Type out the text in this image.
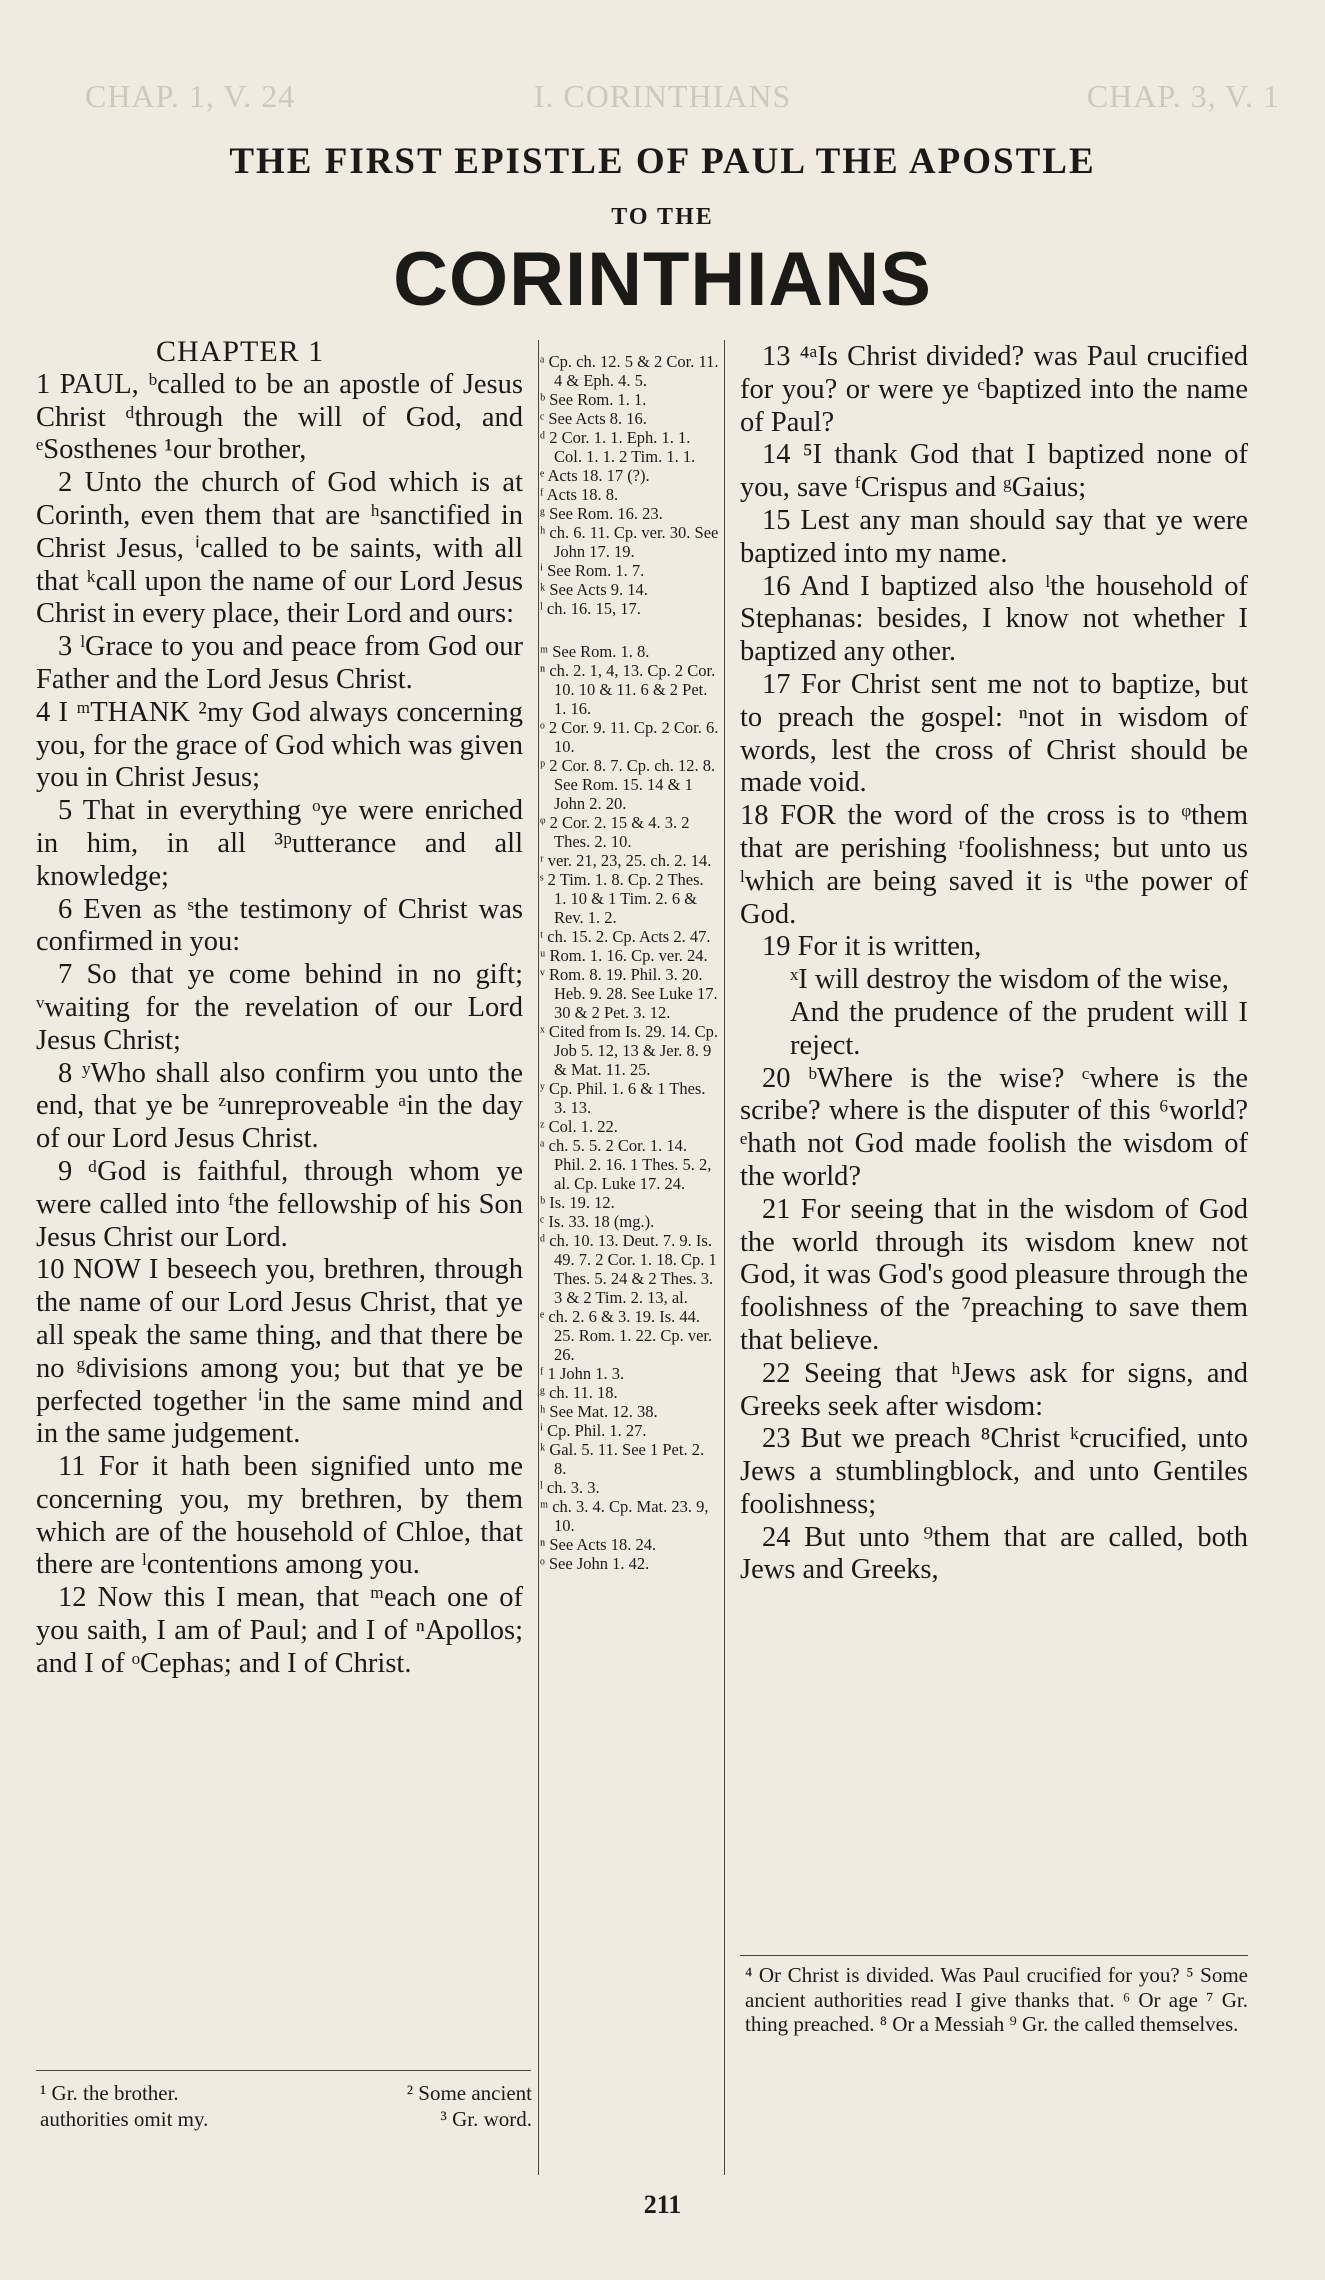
CHAP. 1, V. 24	I. CORINTHIANS	CHAP. 3, V. 1
THE FIRST EPISTLE OF PAUL THE APOSTLE
TO THE
CORINTHIANS

CHAPTER 1

1 PAUL, ᵇcalled to be an apostle of Jesus Christ ᵈthrough the will of God, and ᵉSosthenes ¹our brother,

2 Unto the church of God which is at Corinth, even them that are ʰsanctified in Christ Jesus, ⁱcalled to be saints, with all that ᵏcall upon the name of our Lord Jesus Christ in every place, their Lord and ours:

3 ˡGrace to you and peace from God our Father and the Lord Jesus Christ.

4 I ᵐTHANK ²my God always concerning you, for the grace of God which was given you in Christ Jesus;

5 That in everything ᵒye were enriched in him, in all ³ᵖutterance and all knowledge;

6 Even as ˢthe testimony of Christ was confirmed in you:

7 So that ye come behind in no gift; ᵛwaiting for the revelation of our Lord Jesus Christ;

8 ʸWho shall also confirm you unto the end, that ye be ᶻunreproveable ᵃin the day of our Lord Jesus Christ.

9 ᵈGod is faithful, through whom ye were called into ᶠthe fellowship of his Son Jesus Christ our Lord.

10 NOW I beseech you, brethren, through the name of our Lord Jesus Christ, that ye all speak the same thing, and that there be no ᵍdivisions among you; but that ye be perfected together ⁱin the same mind and in the same judgement.

11 For it hath been signified unto me concerning you, my brethren, by them which are of the household of Chloe, that there are ˡcontentions among you.

12 Now this I mean, that ᵐeach one of you saith, I am of Paul; and I of ⁿApollos; and I of ᵒCephas; and I of Christ.

ᵃ Cp. ch. 12. 5 & 2 Cor. 11. 4 & Eph. 4. 5.

ᵇ See Rom. 1. 1.

ᶜ See Acts 8. 16.

ᵈ 2 Cor. 1. 1. Eph. 1. 1. Col. 1. 1. 2 Tim. 1. 1.

ᵉ Acts 18. 17 (?).

ᶠ Acts 18. 8.

ᵍ See Rom. 16. 23.

ʰ ch. 6. 11. Cp. ver. 30. See John 17. 19.

ⁱ See Rom. 1. 7.

ᵏ See Acts 9. 14.

ˡ ch. 16. 15, 17.

ᵐ See Rom. 1. 8.

ⁿ ch. 2. 1, 4, 13. Cp. 2 Cor. 10. 10 & 11. 6 & 2 Pet. 1. 16.

ᵒ 2 Cor. 9. 11. Cp. 2 Cor. 6. 10.

ᵖ 2 Cor. 8. 7. Cp. ch. 12. 8. See Rom. 15. 14 & 1 John 2. 20.

ᵠ 2 Cor. 2. 15 & 4. 3. 2 Thes. 2. 10.

ʳ ver. 21, 23, 25. ch. 2. 14.

ˢ 2 Tim. 1. 8. Cp. 2 Thes. 1. 10 & 1 Tim. 2. 6 & Rev. 1. 2.

ᵗ ch. 15. 2. Cp. Acts 2. 47.

ᵘ Rom. 1. 16. Cp. ver. 24.

ᵛ Rom. 8. 19. Phil. 3. 20. Heb. 9. 28. See Luke 17. 30 & 2 Pet. 3. 12.

ˣ Cited from Is. 29. 14. Cp. Job 5. 12, 13 & Jer. 8. 9 & Mat. 11. 25.

ʸ Cp. Phil. 1. 6 & 1 Thes. 3. 13.

ᶻ Col. 1. 22.

ᵃ ch. 5. 5. 2 Cor. 1. 14. Phil. 2. 16. 1 Thes. 5. 2, al. Cp. Luke 17. 24.

ᵇ Is. 19. 12.

ᶜ Is. 33. 18 (mg.).

ᵈ ch. 10. 13. Deut. 7. 9. Is. 49. 7. 2 Cor. 1. 18. Cp. 1 Thes. 5. 24 & 2 Thes. 3. 3 & 2 Tim. 2. 13, al.

ᵉ ch. 2. 6 & 3. 19. Is. 44. 25. Rom. 1. 22. Cp. ver. 26.

ᶠ 1 John 1. 3.

ᵍ ch. 11. 18.

ʰ See Mat. 12. 38.

ⁱ Cp. Phil. 1. 27.

ᵏ Gal. 5. 11. See 1 Pet. 2. 8.

ˡ ch. 3. 3.

ᵐ ch. 3. 4. Cp. Mat. 23. 9, 10.

ⁿ See Acts 18. 24.

ᵒ See John 1. 42.

13 ⁴ᵃIs Christ divided? was Paul crucified for you? or were ye ᶜbaptized into the name of Paul?

14 ⁵I thank God that I baptized none of you, save ᶠCrispus and ᵍGaius;

15 Lest any man should say that ye were baptized into my name.

16 And I baptized also ˡthe household of Stephanas: besides, I know not whether I baptized any other.

17 For Christ sent me not to baptize, but to preach the gospel: ⁿnot in wisdom of words, lest the cross of Christ should be made void.

18 FOR the word of the cross is to ᵠthem that are perishing ʳfoolishness; but unto us ˡwhich are being saved it is ᵘthe power of God.

19 For it is written,

ˣI will destroy the wisdom of the wise,

And the prudence of the prudent will I reject.

20 ᵇWhere is the wise? ᶜwhere is the scribe? where is the disputer of this ⁶world? ᵉhath not God made foolish the wisdom of the world?

21 For seeing that in the wisdom of God the world through its wisdom knew not God, it was God's good pleasure through the foolishness of the ⁷preaching to save them that believe.

22 Seeing that ʰJews ask for signs, and Greeks seek after wisdom:

23 But we preach ⁸Christ ᵏcrucified, unto Jews a stumblingblock, and unto Gentiles foolishness;

24 But unto ⁹them that are called, both Jews and Greeks,

¹ Gr. the brother.	² Some ancient
authorities omit my.	³ Gr. word.
⁴ Or Christ is divided. Was Paul crucified for you? ⁵ Some ancient authorities read I give thanks that. ⁶ Or age ⁷ Gr. thing preached. ⁸ Or a Messiah ⁹ Gr. the called themselves.
211
